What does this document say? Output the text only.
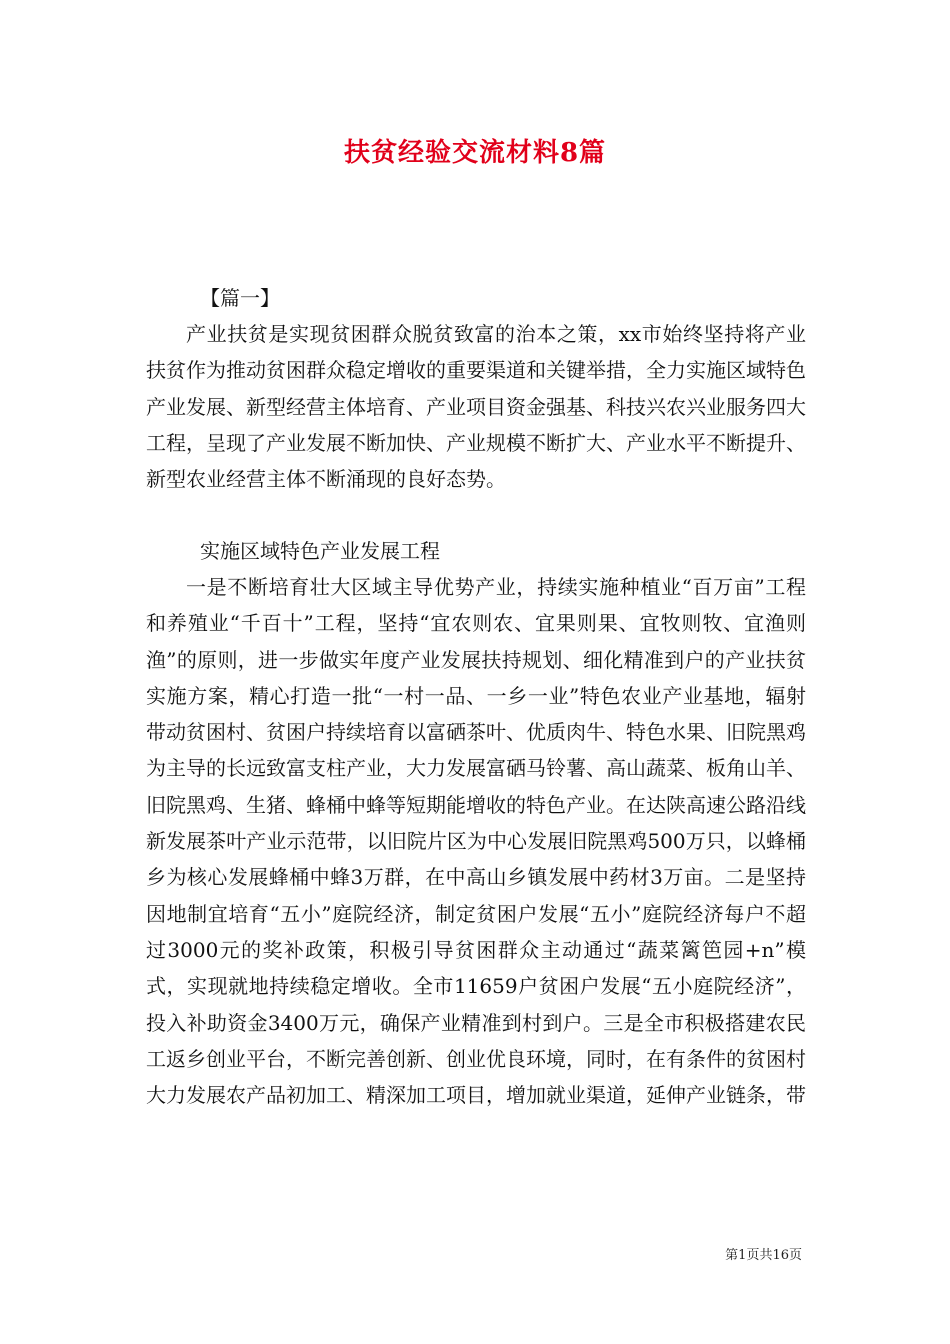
扶贫经验交流材料8篇
【篇一】

产业扶贫是实现贫困群众脱贫致富的治本之策，xx市始终坚持将产业扶贫作为推动贫困群众稳定增收的重要渠道和关键举措，全力实施区域特色产业发展、新型经营主体培育、产业项目资金强基、科技兴农兴业服务四大工程，呈现了产业发展不断加快、产业规模不断扩大、产业水平不断提升、新型农业经营主体不断涌现的良好态势。

实施区域特色产业发展工程

一是不断培育壮大区域主导优势产业，持续实施种植业“百万亩”工程和养殖业“千百十”工程，坚持“宜农则农、宜果则果、宜牧则牧、宜渔则渔”的原则，进一步做实年度产业发展扶持规划、细化精准到户的产业扶贫实施方案，精心打造一批“一村一品、一乡一业”特色农业产业基地，辐射带动贫困村、贫困户持续培育以富硒茶叶、优质肉牛、特色水果、旧院黑鸡为主导的长远致富支柱产业，大力发展富硒马铃薯、高山蔬菜、板角山羊、旧院黑鸡、生猪、蜂桶中蜂等短期能增收的特色产业。在达陕高速公路沿线新发展茶叶产业示范带，以旧院片区为中心发展旧院黑鸡500万只，以蜂桶乡为核心发展蜂桶中蜂3万群，在中高山乡镇发展中药材3万亩。二是坚持因地制宜培育“五小”庭院经济，制定贫困户发展“五小”庭院经济每户不超过3000元的奖补政策，积极引导贫困群众主动通过“蔬菜篱笆园+n”模式，实现就地持续稳定增收。全市11659户贫困户发展“五小庭院经济”，投入补助资金3400万元，确保产业精准到村到户。三是全市积极搭建农民工返乡创业平台，不断完善创新、创业优良环境，同时，在有条件的贫困村大力发展农产品初加工、精深加工项目，增加就业渠道，延伸产业链条，带

第1页共16页
